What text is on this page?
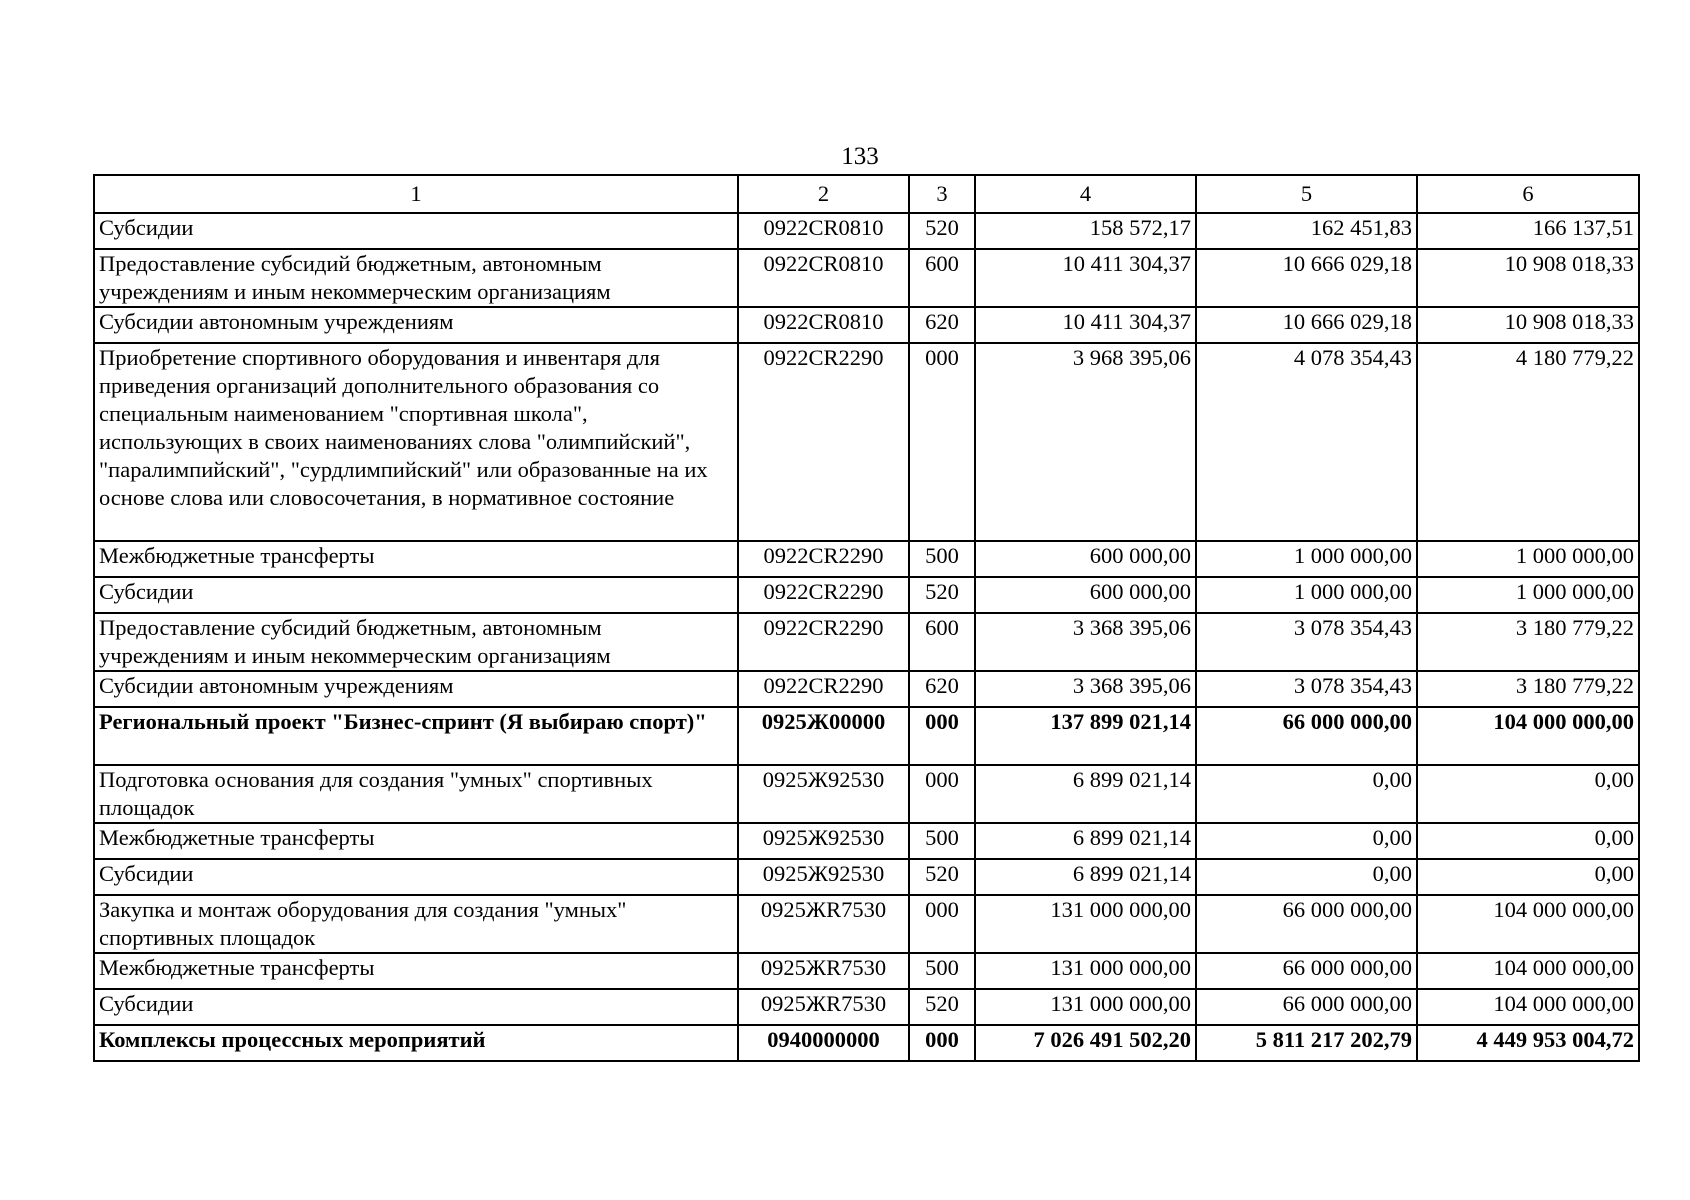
133
1	2	3	4	5	6
Субсидии	0922CR0810	520	158 572,17	162 451,83	166 137,51
Предоставление субсидий бюджетным, автономным учреждениям и иным некоммерческим организациям	0922CR0810	600	10 411 304,37	10 666 029,18	10 908 018,33
Субсидии автономным учреждениям	0922CR0810	620	10 411 304,37	10 666 029,18	10 908 018,33
Приобретение спортивного оборудования и инвентаря для приведения организаций дополнительного образования со специальным наименованием "спортивная школа", использующих в своих наименованиях слова "олимпийский", "паралимпийский", "сурдлимпийский" или образованные на их основе слова или словосочетания, в нормативное состояние	0922CR2290	000	3 968 395,06	4 078 354,43	4 180 779,22
Межбюджетные трансферты	0922CR2290	500	600 000,00	1 000 000,00	1 000 000,00
Субсидии	0922CR2290	520	600 000,00	1 000 000,00	1 000 000,00
Предоставление субсидий бюджетным, автономным учреждениям и иным некоммерческим организациям	0922CR2290	600	3 368 395,06	3 078 354,43	3 180 779,22
Субсидии автономным учреждениям	0922CR2290	620	3 368 395,06	3 078 354,43	3 180 779,22
Региональный проект "Бизнес-спринт (Я выбираю спорт)"	0925Ж00000	000	137 899 021,14	66 000 000,00	104 000 000,00
Подготовка основания для создания "умных" спортивных площадок	0925Ж92530	000	6 899 021,14	0,00	0,00
Межбюджетные трансферты	0925Ж92530	500	6 899 021,14	0,00	0,00
Субсидии	0925Ж92530	520	6 899 021,14	0,00	0,00
Закупка и монтаж оборудования для создания "умных" спортивных площадок	0925ЖR7530	000	131 000 000,00	66 000 000,00	104 000 000,00
Межбюджетные трансферты	0925ЖR7530	500	131 000 000,00	66 000 000,00	104 000 000,00
Субсидии	0925ЖR7530	520	131 000 000,00	66 000 000,00	104 000 000,00
Комплексы процессных мероприятий	0940000000	000	7 026 491 502,20	5 811 217 202,79	4 449 953 004,72
